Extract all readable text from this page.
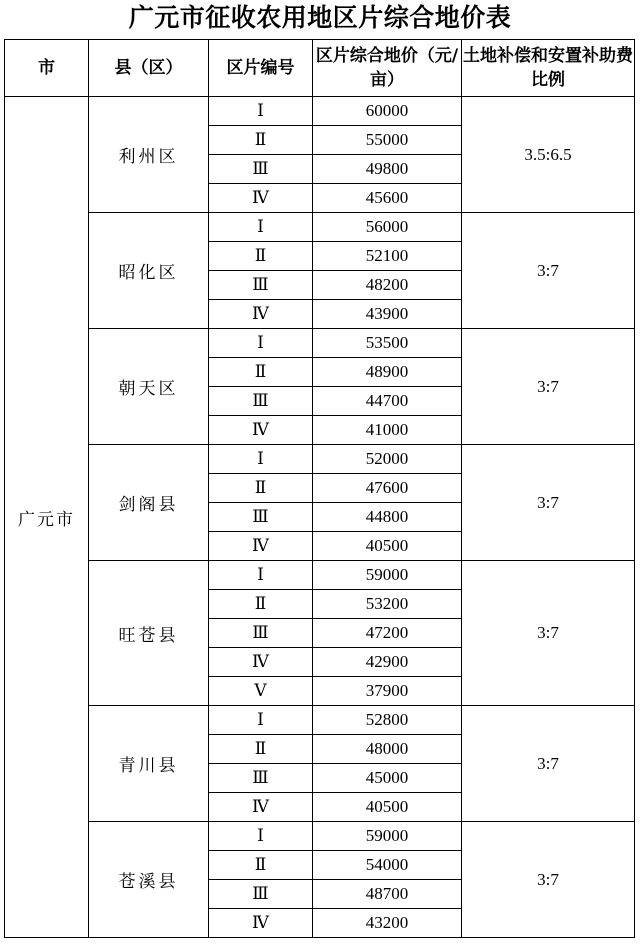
广元市征收农用地区片综合地价表
市	县（区）	区片编号	区片综合地价（元/亩）	土地补偿和安置补助费比例
广元市	利州区	Ⅰ	60000	3.5:6.5
		Ⅱ	55000	
		Ⅲ	49800	
		Ⅳ	45600	
	昭化区	Ⅰ	56000	3:7
		Ⅱ	52100	
		Ⅲ	48200	
		Ⅳ	43900	
	朝天区	Ⅰ	53500	3:7
		Ⅱ	48900	
		Ⅲ	44700	
		Ⅳ	41000	
	剑阁县	Ⅰ	52000	3:7
		Ⅱ	47600	
		Ⅲ	44800	
		Ⅳ	40500	
	旺苍县	Ⅰ	59000	3:7
		Ⅱ	53200	
		Ⅲ	47200	
		Ⅳ	42900	
		Ⅴ	37900	
	青川县	Ⅰ	52800	3:7
		Ⅱ	48000	
		Ⅲ	45000	
		Ⅳ	40500	
	苍溪县	Ⅰ	59000	3:7
		Ⅱ	54000	
		Ⅲ	48700	
		Ⅳ	43200	
